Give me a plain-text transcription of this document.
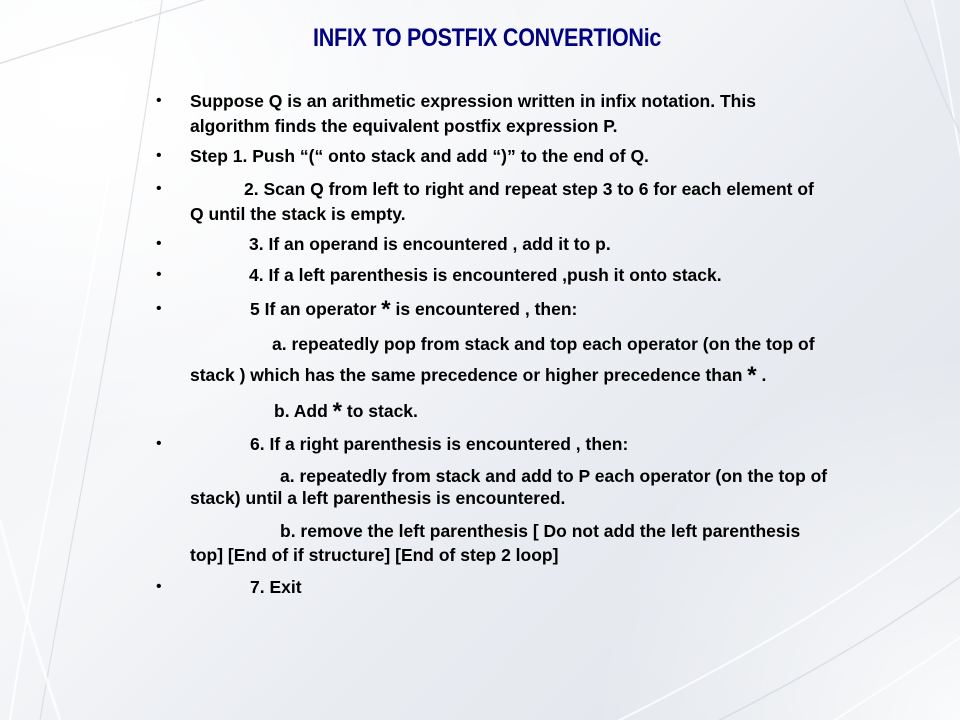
INFIX TO POSTFIX CONVERTIONic
• Suppose Q is an arithmetic expression written in infix notation. This
algorithm finds the equivalent postfix expression P.
• Step 1. Push “(“ onto stack and add “)” to the end of Q.
•	2. Scan Q from left to right and repeat step 3 to 6 for each element of
Q until the stack is empty.
•	3. If an operand is encountered , add it to p.
•	4. If a left parenthesis is encountered ,push it onto stack.
•	5 If an operator * is encountered , then:
a. repeatedly pop from stack and top each operator (on the top of
stack ) which has the same precedence or higher precedence than * .
b. Add * to stack.
•	6. If a right parenthesis is encountered , then:
a. repeatedly from stack and add to P each operator (on the top of
stack) until a left parenthesis is encountered.
b. remove the left parenthesis [ Do not add the left parenthesis
top] [End of if structure] [End of step 2 loop]
•	7. Exit
